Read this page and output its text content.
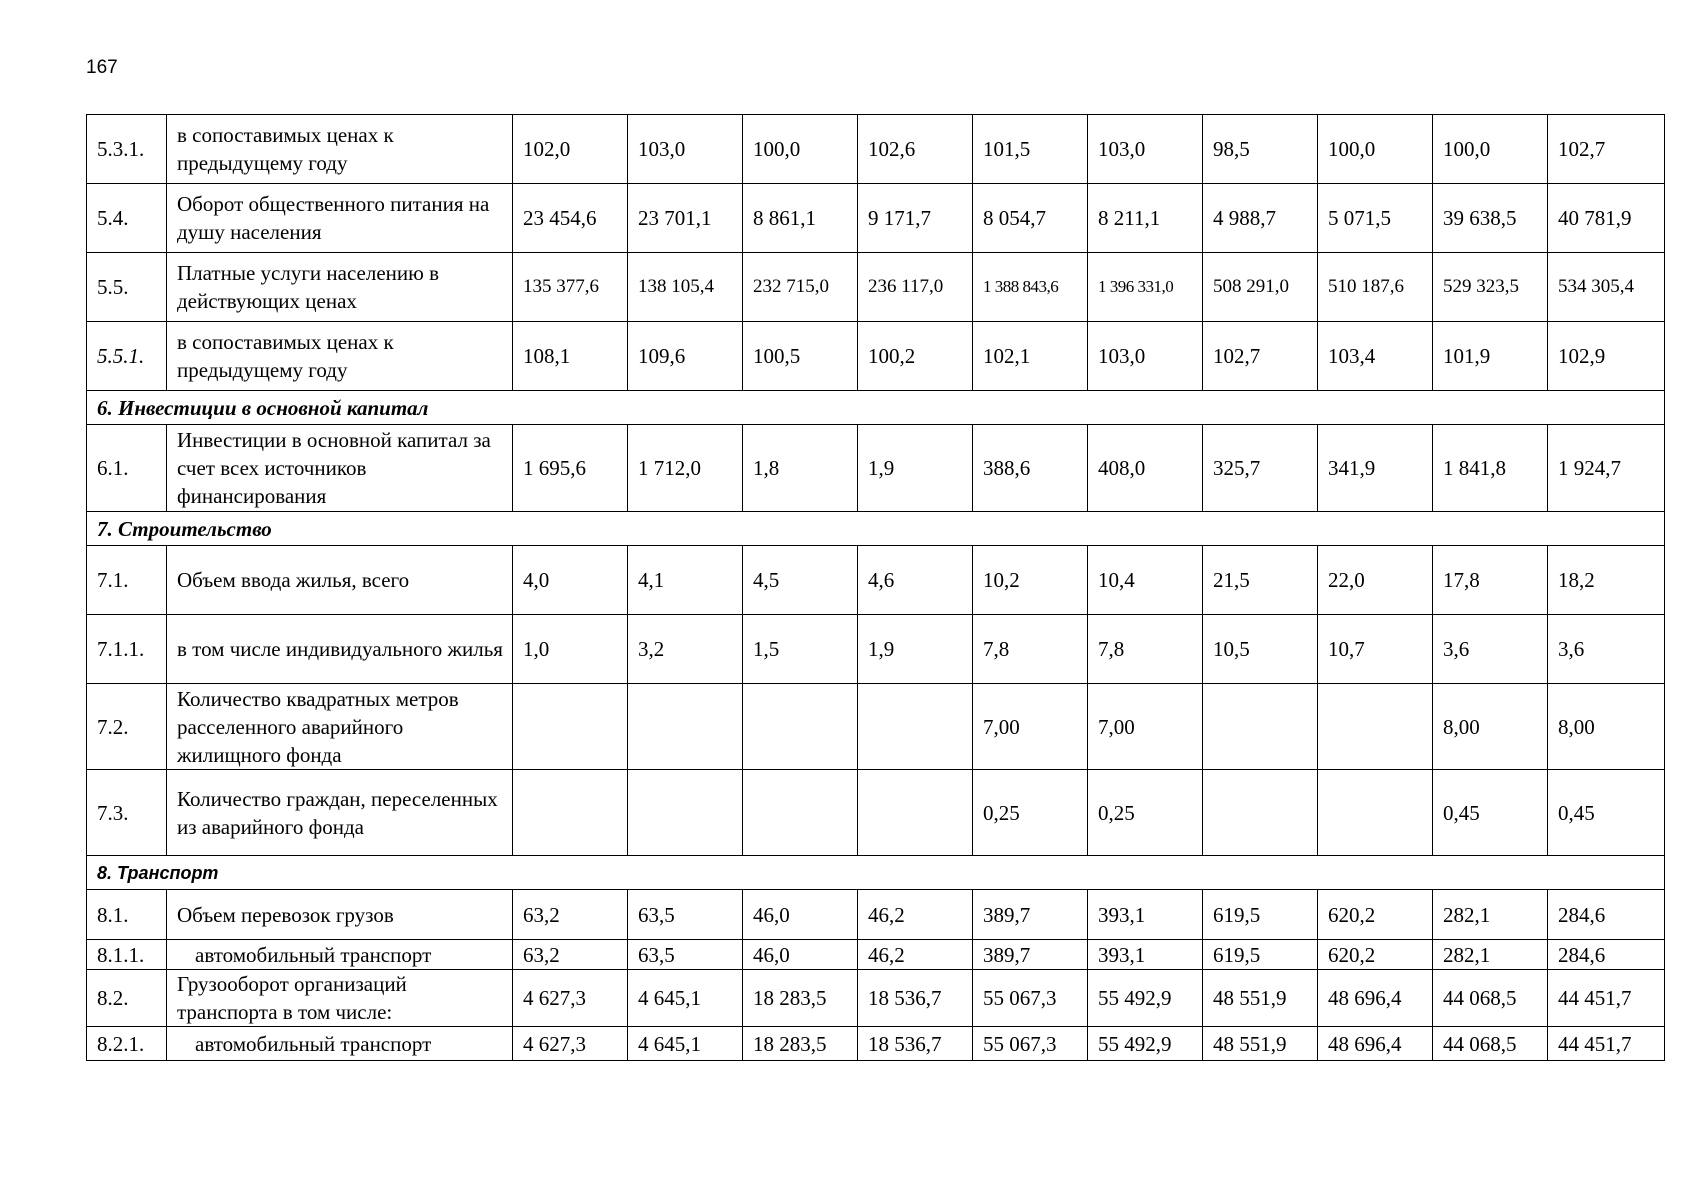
167
5.3.1.	в сопоставимых ценах к предыдущему году	102,0	103,0	100,0	102,6	101,5	103,0	98,5	100,0	100,0	102,7
5.4.	Оборот общественного питания на душу населения	23 454,6	23 701,1	8 861,1	9 171,7	8 054,7	8 211,1	4 988,7	5 071,5	39 638,5	40 781,9
5.5.	Платные услуги населению в действующих ценах	135 377,6	138 105,4	232 715,0	236 117,0	1 388 843,6	1 396 331,0	508 291,0	510 187,6	529 323,5	534 305,4
5.5.1.	в сопоставимых ценах к предыдущему году	108,1	109,6	100,5	100,2	102,1	103,0	102,7	103,4	101,9	102,9
6. Инвестиции в основной капитал											
6.1.	Инвестиции в основной капитал за счет всех источников финансирования	1 695,6	1 712,0	1,8	1,9	388,6	408,0	325,7	341,9	1 841,8	1 924,7
7. Строительство											
7.1.	Объем ввода жилья, всего	4,0	4,1	4,5	4,6	10,2	10,4	21,5	22,0	17,8	18,2
7.1.1.	в том числе индивидуального жилья	1,0	3,2	1,5	1,9	7,8	7,8	10,5	10,7	3,6	3,6
7.2.	Количество квадратных метров расселенного аварийного жилищного фонда					7,00	7,00			8,00	8,00
7.3.	Количество граждан, переселенных из аварийного фонда					0,25	0,25			0,45	0,45
8. Транспорт											
8.1.	Объем перевозок грузов	63,2	63,5	46,0	46,2	389,7	393,1	619,5	620,2	282,1	284,6
8.1.1.	автомобильный транспорт	63,2	63,5	46,0	46,2	389,7	393,1	619,5	620,2	282,1	284,6
8.2.	Грузооборот организаций транспорта в том числе:	4 627,3	4 645,1	18 283,5	18 536,7	55 067,3	55 492,9	48 551,9	48 696,4	44 068,5	44 451,7
8.2.1.	автомобильный транспорт	4 627,3	4 645,1	18 283,5	18 536,7	55 067,3	55 492,9	48 551,9	48 696,4	44 068,5	44 451,7
